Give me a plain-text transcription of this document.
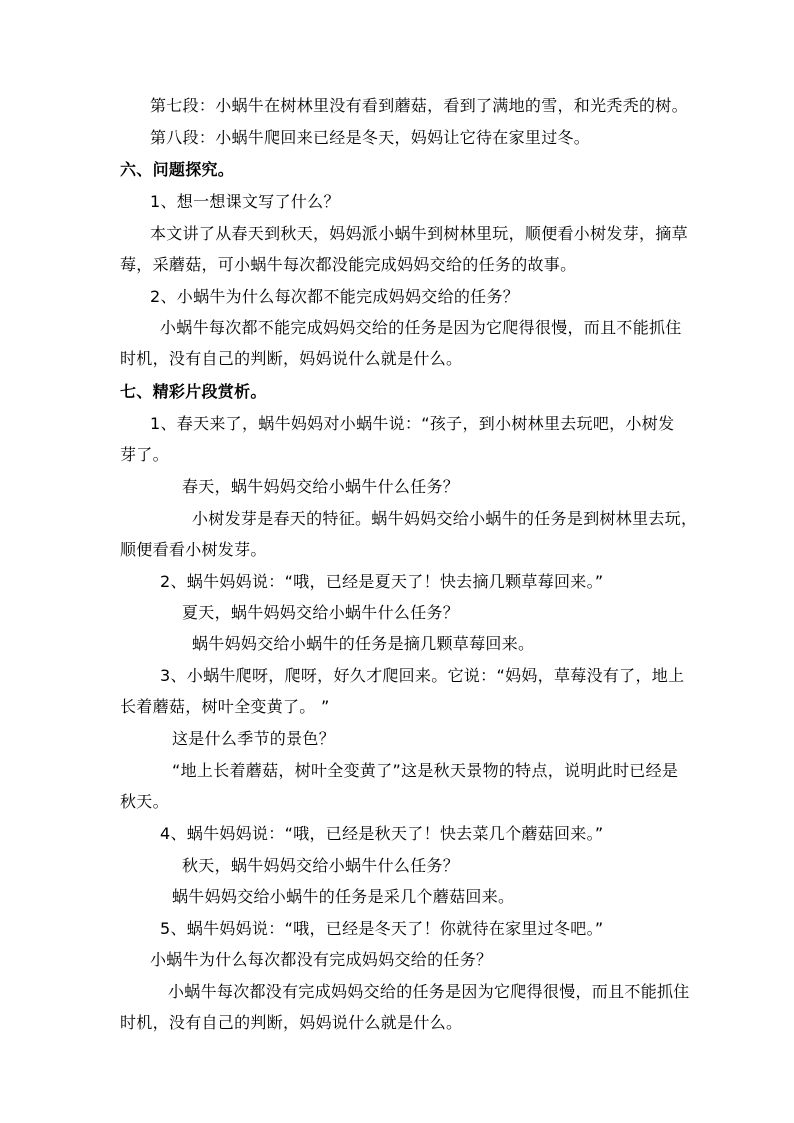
第七段：小蜗牛在树林里没有看到蘑菇，看到了满地的雪，和光秃秃的树。
第八段：小蜗牛爬回来已经是冬天，妈妈让它待在家里过冬。
六、问题探究。
1、想一想课文写了什么？
本文讲了从春天到秋天，妈妈派小蜗牛到树林里玩，顺便看小树发芽，摘草
莓，采蘑菇，可小蜗牛每次都没能完成妈妈交给的任务的故事。
2、小蜗牛为什么每次都不能完成妈妈交给的任务？
小蜗牛每次都不能完成妈妈交给的任务是因为它爬得很慢，而且不能抓住
时机，没有自己的判断，妈妈说什么就是什么。
七、精彩片段赏析。
1、春天来了，蜗牛妈妈对小蜗牛说：“孩子，到小树林里去玩吧，小树发
芽了。
春天，蜗牛妈妈交给小蜗牛什么任务？
小树发芽是春天的特征。蜗牛妈妈交给小蜗牛的任务是到树林里去玩，
顺便看看小树发芽。
2、蜗牛妈妈说：“哦，已经是夏天了！快去摘几颗草莓回来。”
夏天，蜗牛妈妈交给小蜗牛什么任务？
蜗牛妈妈交给小蜗牛的任务是摘几颗草莓回来。
3、小蜗牛爬呀，爬呀，好久才爬回来。它说：“妈妈，草莓没有了，地上
长着蘑菇，树叶全变黄了。 ”
这是什么季节的景色？
“地上长着蘑菇，树叶全变黄了”这是秋天景物的特点，说明此时已经是
秋天。
4、蜗牛妈妈说：“哦，已经是秋天了！快去菜几个蘑菇回来。”
秋天，蜗牛妈妈交给小蜗牛什么任务？
蜗牛妈妈交给小蜗牛的任务是采几个蘑菇回来。
5、蜗牛妈妈说：“哦，已经是冬天了！你就待在家里过冬吧。”
小蜗牛为什么每次都没有完成妈妈交给的任务？
小蜗牛每次都没有完成妈妈交给的任务是因为它爬得很慢，而且不能抓住
时机，没有自己的判断，妈妈说什么就是什么。
